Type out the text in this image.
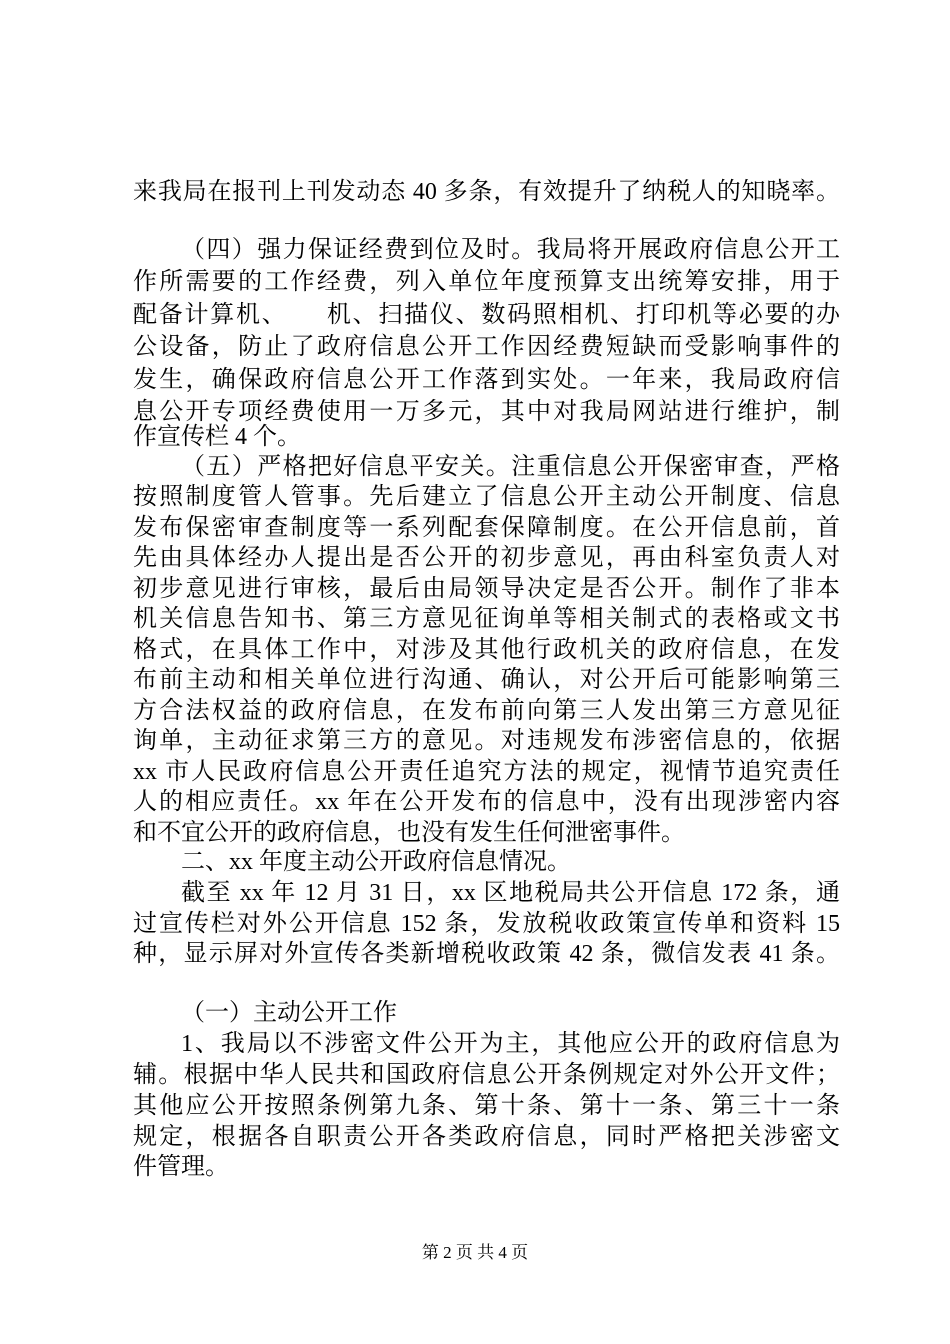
来我局在报刊上刊发动态 40 多条，有效提升了纳税人的知晓率。
（四）强力保证经费到位及时。我局将开展政府信息公开工
作所需要的工作经费，列入单位年度预算支出统筹安排，用于
配备计算机、　　机、扫描仪、数码照相机、打印机等必要的办
公设备，防止了政府信息公开工作因经费短缺而受影响事件的
发生，确保政府信息公开工作落到实处。一年来，我局政府信
息公开专项经费使用一万多元，其中对我局网站进行维护，制
作宣传栏 4 个。
（五）严格把好信息平安关。注重信息公开保密审查，严格
按照制度管人管事。先后建立了信息公开主动公开制度、信息
发布保密审查制度等一系列配套保障制度。在公开信息前，首
先由具体经办人提出是否公开的初步意见，再由科室负责人对
初步意见进行审核，最后由局领导决定是否公开。制作了非本
机关信息告知书、第三方意见征询单等相关制式的表格或文书
格式，在具体工作中，对涉及其他行政机关的政府信息，在发
布前主动和相关单位进行沟通、确认，对公开后可能影响第三
方合法权益的政府信息，在发布前向第三人发出第三方意见征
询单，主动征求第三方的意见。对违规发布涉密信息的，依据
xx 市人民政府信息公开责任追究方法的规定，视情节追究责任
人的相应责任。xx 年在公开发布的信息中，没有出现涉密内容
和不宜公开的政府信息，也没有发生任何泄密事件。
二、xx 年度主动公开政府信息情况。
截至 xx 年 12 月 31 日，xx 区地税局共公开信息 172 条，通
过宣传栏对外公开信息 152 条，发放税收政策宣传单和资料 15
种，显示屏对外宣传各类新增税收政策 42 条，微信发表 41 条。
（一）主动公开工作
1、我局以不涉密文件公开为主，其他应公开的政府信息为
辅。根据中华人民共和国政府信息公开条例规定对外公开文件；
其他应公开按照条例第九条、第十条、第十一条、第三十一条
规定，根据各自职责公开各类政府信息，同时严格把关涉密文
件管理。
第 2 页 共 4 页
